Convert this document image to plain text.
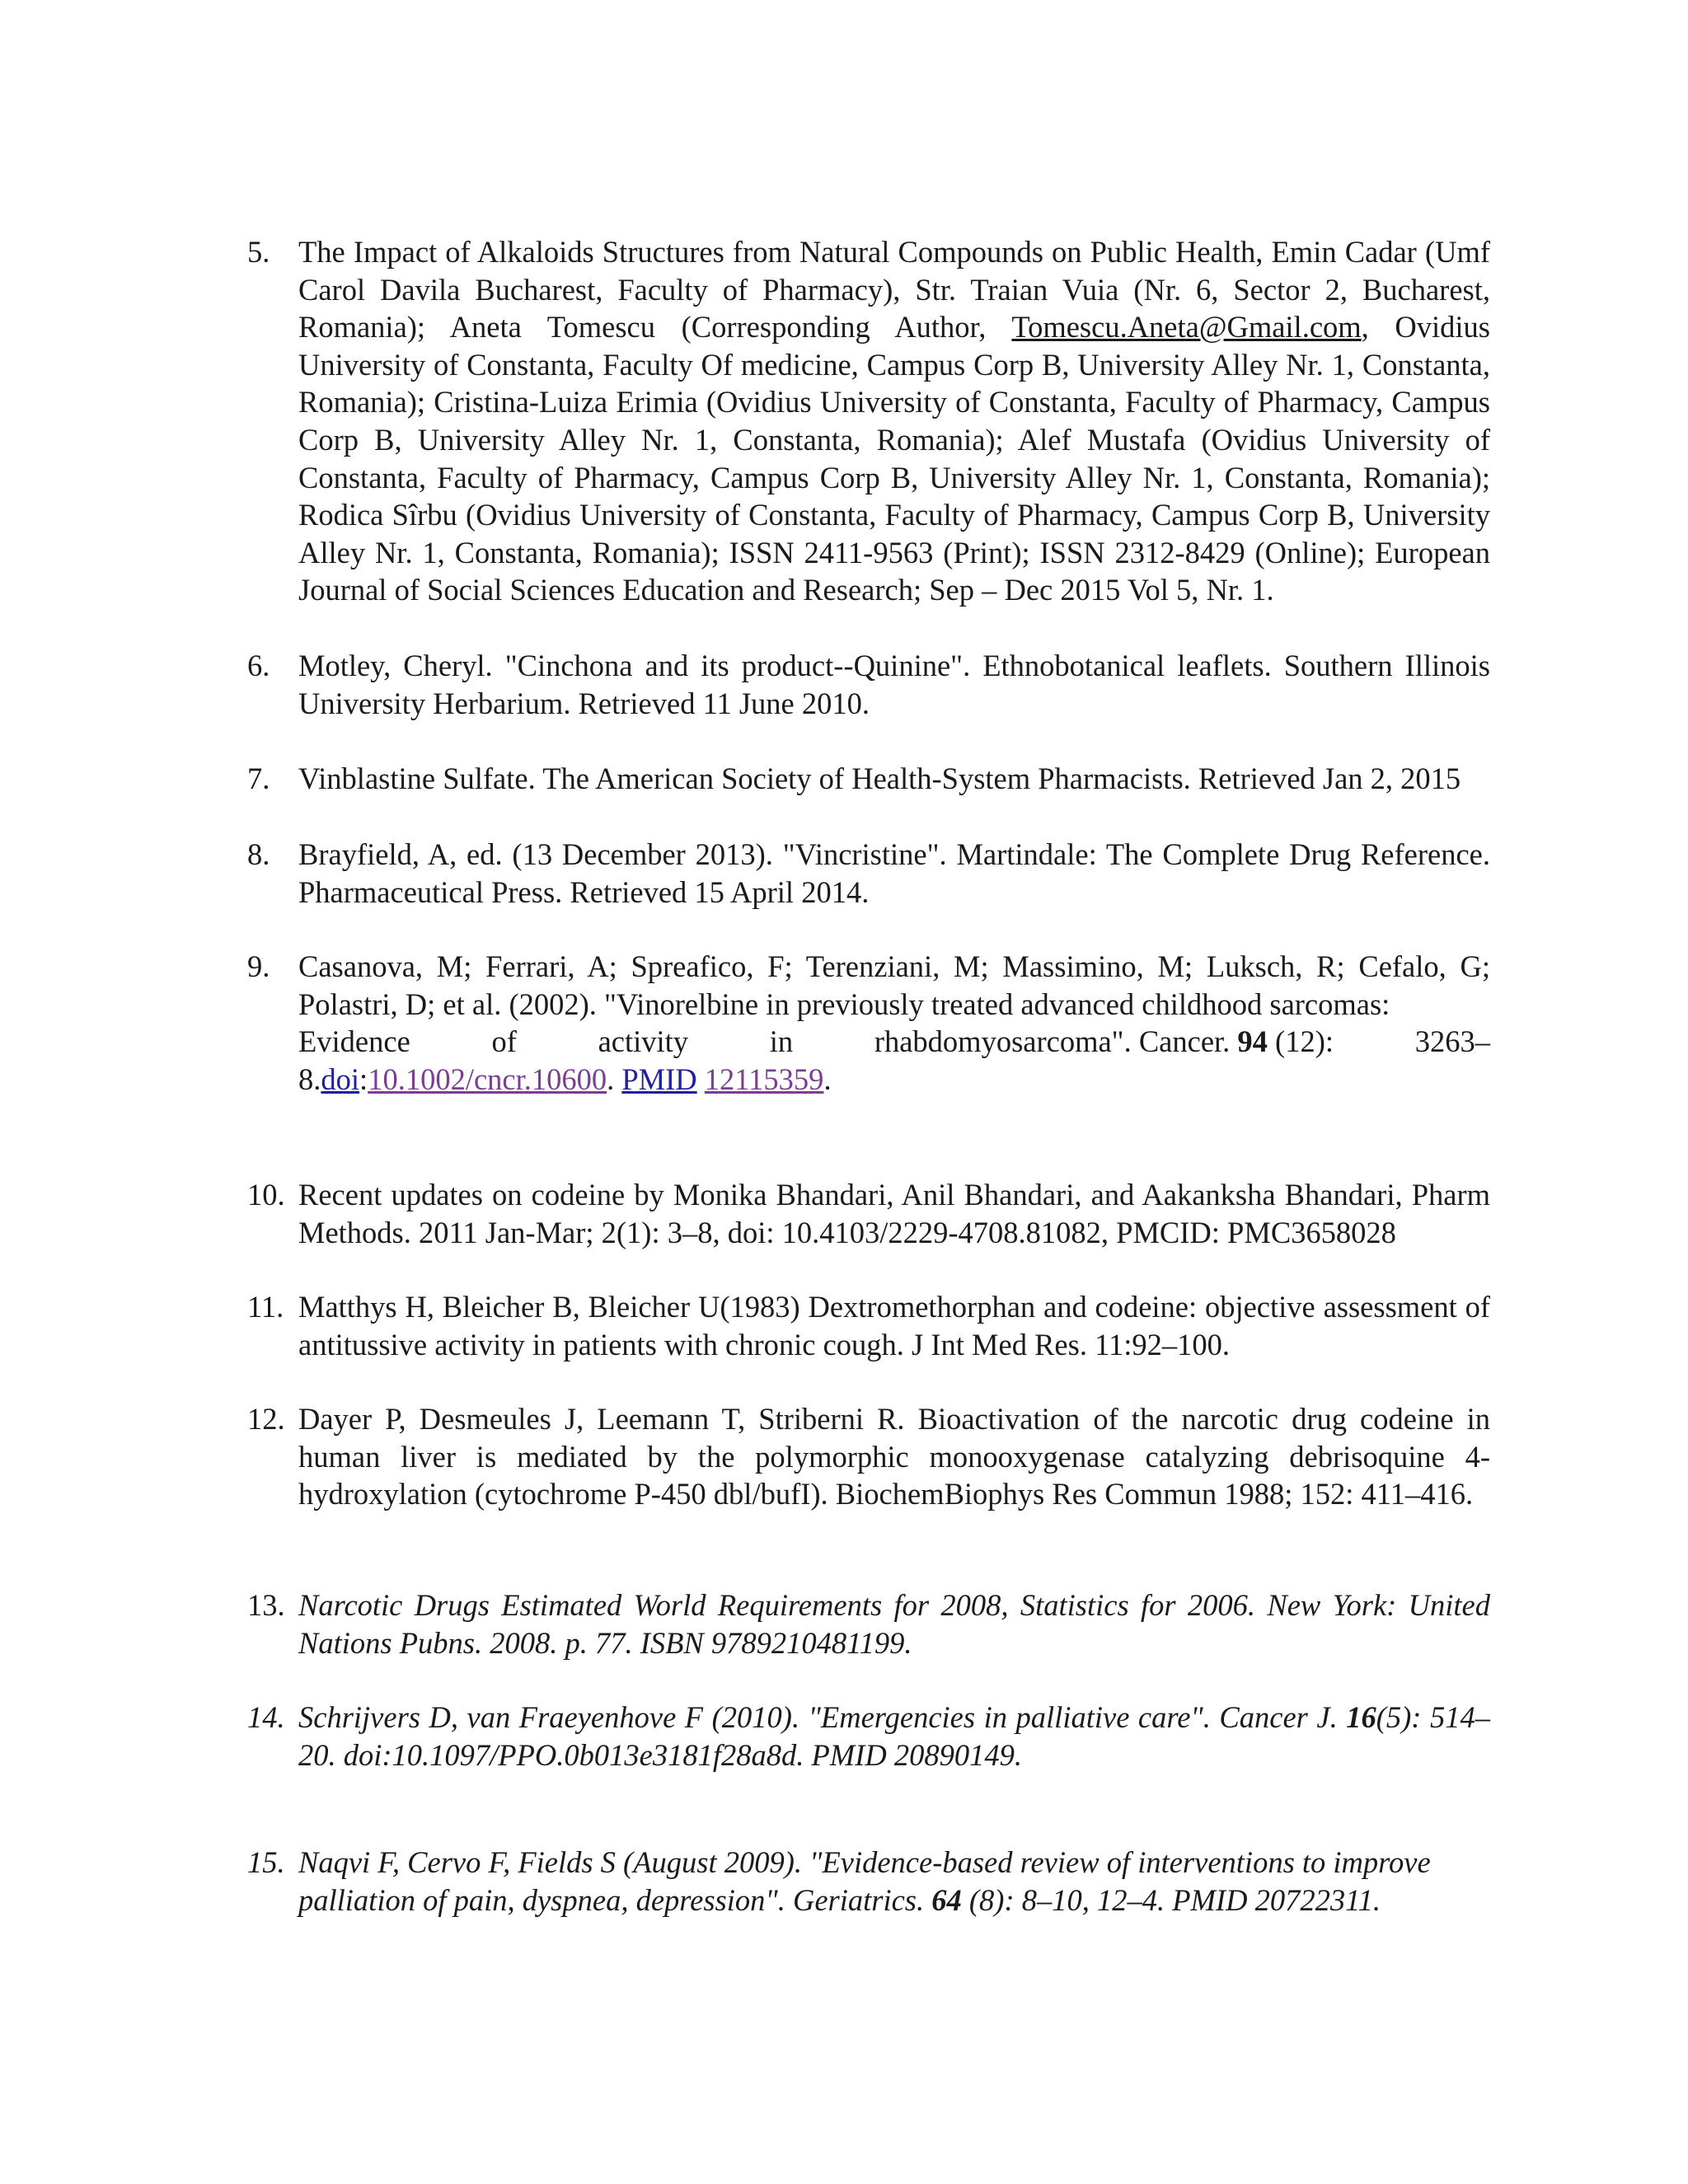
5. The Impact of Alkaloids Structures from Natural Compounds on Public Health, Emin Cadar (Umf Carol Davila Bucharest, Faculty of Pharmacy), Str. Traian Vuia (Nr. 6, Sector 2, Bucharest, Romania); Aneta Tomescu (Corresponding Author, Tomescu.Aneta@Gmail.com, Ovidius University of Constanta, Faculty Of medicine, Campus Corp B, University Alley Nr. 1, Constanta, Romania); Cristina-Luiza Erimia (Ovidius University of Constanta, Faculty of Pharmacy, Campus Corp B, University Alley Nr. 1, Constanta, Romania); Alef Mustafa (Ovidius University of Constanta, Faculty of Pharmacy, Campus Corp B, University Alley Nr. 1, Constanta, Romania); Rodica Sîrbu (Ovidius University of Constanta, Faculty of Pharmacy, Campus Corp B, University Alley Nr. 1, Constanta, Romania); ISSN 2411-9563 (Print); ISSN 2312-8429 (Online); European Journal of Social Sciences Education and Research; Sep – Dec 2015 Vol 5, Nr. 1.
6. Motley, Cheryl. "Cinchona and its product--Quinine". Ethnobotanical leaflets. Southern Illinois University Herbarium. Retrieved 11 June 2010.
7. Vinblastine Sulfate. The American Society of Health-System Pharmacists. Retrieved Jan 2, 2015
8. Brayfield, A, ed. (13 December 2013). "Vincristine". Martindale: The Complete Drug Reference. Pharmaceutical Press. Retrieved 15 April 2014.
9. Casanova, M; Ferrari, A; Spreafico, F; Terenziani, M; Massimino, M; Luksch, R; Cefalo, G; Polastri, D; et al. (2002). "Vinorelbine in previously treated advanced childhood sarcomas:
Evidence	of	activity	in	rhabdomyosarcoma". Cancer. 94 (12):	3263–
8.doi:10.1002/cncr.10600. PMID 12115359.
10. Recent updates on codeine by Monika Bhandari, Anil Bhandari, and Aakanksha Bhandari, Pharm Methods. 2011 Jan-Mar; 2(1): 3–8, doi: 10.4103/2229-4708.81082, PMCID: PMC3658028
11. Matthys H, Bleicher B, Bleicher U(1983) Dextromethorphan and codeine: objective assessment of antitussive activity in patients with chronic cough. J Int Med Res. 11:92–100.
12. Dayer P, Desmeules J, Leemann T, Striberni R. Bioactivation of the narcotic drug codeine in human liver is mediated by the polymorphic monooxygenase catalyzing debrisoquine 4-hydroxylation (cytochrome P-450 dbl/bufI). BiochemBiophys Res Commun 1988; 152: 411–416.
13. Narcotic Drugs Estimated World Requirements for 2008, Statistics for 2006. New York: United Nations Pubns. 2008. p. 77. ISBN 9789210481199.
14. Schrijvers D, van Fraeyenhove F (2010). "Emergencies in palliative care". Cancer J. 16(5): 514–20. doi:10.1097/PPO.0b013e3181f28a8d. PMID 20890149.
15. Naqvi F, Cervo F, Fields S (August 2009). "Evidence-based review of interventions to improve palliation of pain, dyspnea, depression". Geriatrics. 64 (8): 8–10, 12–4. PMID 20722311.
